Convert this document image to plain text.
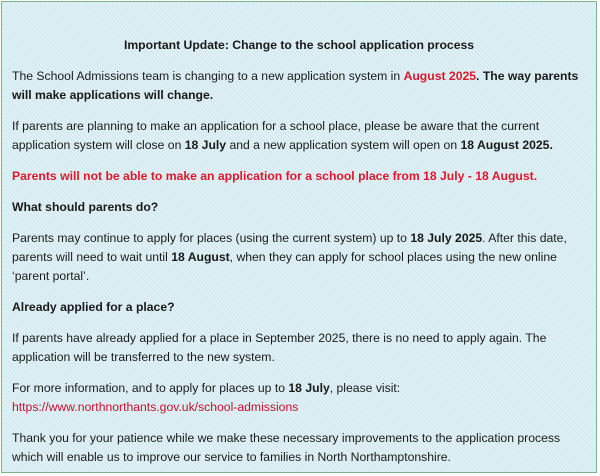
Important Update: Change to the school application process

The School Admissions team is changing to a new application system in August 2025. The way parents will make applications will change.

If parents are planning to make an application for a school place, please be aware that the current application system will close on 18 July and a new application system will open on 18 August 2025.

Parents will not be able to make an application for a school place from 18 July - 18 August.

What should parents do?

Parents may continue to apply for places (using the current system) up to 18 July 2025. After this date, parents will need to wait until 18 August, when they can apply for school places using the new online ‘parent portal’.

Already applied for a place?

If parents have already applied for a place in September 2025, there is no need to apply again. The application will be transferred to the new system.

For more information, and to apply for places up to 18 July, please visit:
https://www.northnorthants.gov.uk/school-admissions

Thank you for your patience while we make these necessary improvements to the application process which will enable us to improve our service to families in North Northamptonshire.
